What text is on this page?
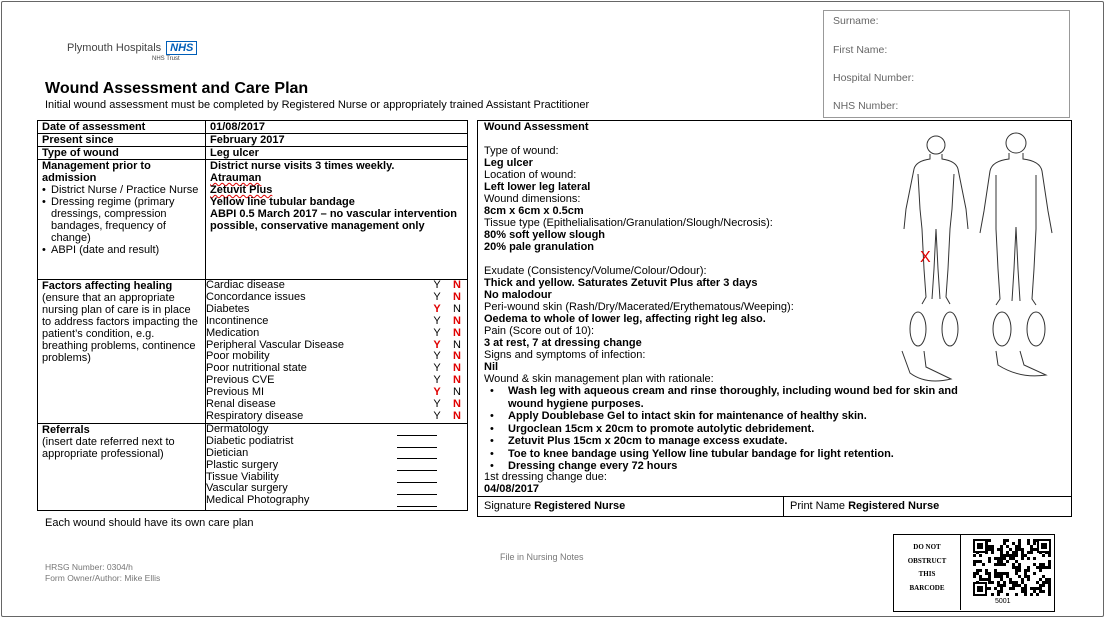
Plymouth Hospitals NHS
NHS Trust
Wound Assessment and Care Plan
Initial wound assessment must be completed by Registered Nurse or appropriately trained Assistant Practitioner
Surname:
First Name:
Hospital Number:
NHS Number:
Date of assessment	01/08/2017
Present since	February 2017
Type of wound	Leg ulcer

Management prior to admission
• District Nurse / Practice Nurse
• Dressing regime (primary dressings, compression bandages, frequency of change)
• ABPI (date and result)

District nurse visits 3 times weekly.
Atrauman
Zetuvit Plus
Yellow line tubular bandage
ABPI 0.5 March 2017 – no vascular intervention possible, conservative management only

Factors affecting healing
(ensure that an appropriate nursing plan of care is in place to address factors impacting the patient’s condition, e.g. breathing problems, continence problems)

Cardiac disease	Y	N
Concordance issues	Y	N
Diabetes	Y	N
Incontinence	Y	N
Medication	Y	N
Peripheral Vascular Disease	Y	N
Poor mobility	Y	N
Poor nutritional state	Y	N
Previous CVE	Y	N
Previous MI	Y	N
Renal disease	Y	N
Respiratory disease	Y	N

Referrals
(insert date referred next to appropriate professional)

Dermatology	

Diabetic podiatrist	

Dietician	

Plastic surgery	

Tissue Viability	

Vascular surgery	

Medical Photography	
Each wound should have its own care plan
HRSG Number: 0304/h
Form Owner/Author: Mike Ellis
File in Nursing Notes
Wound Assessment
Type of wound:
Leg ulcer
Location of wound:
Left lower leg lateral
Wound dimensions:
8cm x 6cm x 0.5cm
Tissue type (Epithelialisation/Granulation/Slough/Necrosis):
80% soft yellow slough
20% pale granulation
Exudate (Consistency/Volume/Colour/Odour):
Thick and yellow. Saturates Zetuvit Plus after 3 days
No malodour
Peri-wound skin (Rash/Dry/Macerated/Erythematous/Weeping):
Oedema to whole of lower leg, affecting right leg also.
Pain (Score out of 10):
3 at rest, 7 at dressing change
Signs and symptoms of infection:
Nil
Wound & skin management plan with rationale:
• Wash leg with aqueous cream and rinse thoroughly, including wound bed for skin and wound hygiene purposes.
• Apply Doublebase Gel to intact skin for maintenance of healthy skin.
• Urgoclean 15cm x 20cm to promote autolytic debridement.
• Zetuvit Plus 15cm x 20cm to manage excess exudate.
• Toe to knee bandage using Yellow line tubular bandage for light retention.
• Dressing change every 72 hours
1st dressing change due:
04/08/2017
X
Signature Registered Nurse	Print Name Registered Nurse
DO NOT
OBSTRUCT
THIS
BARCODE
5001
